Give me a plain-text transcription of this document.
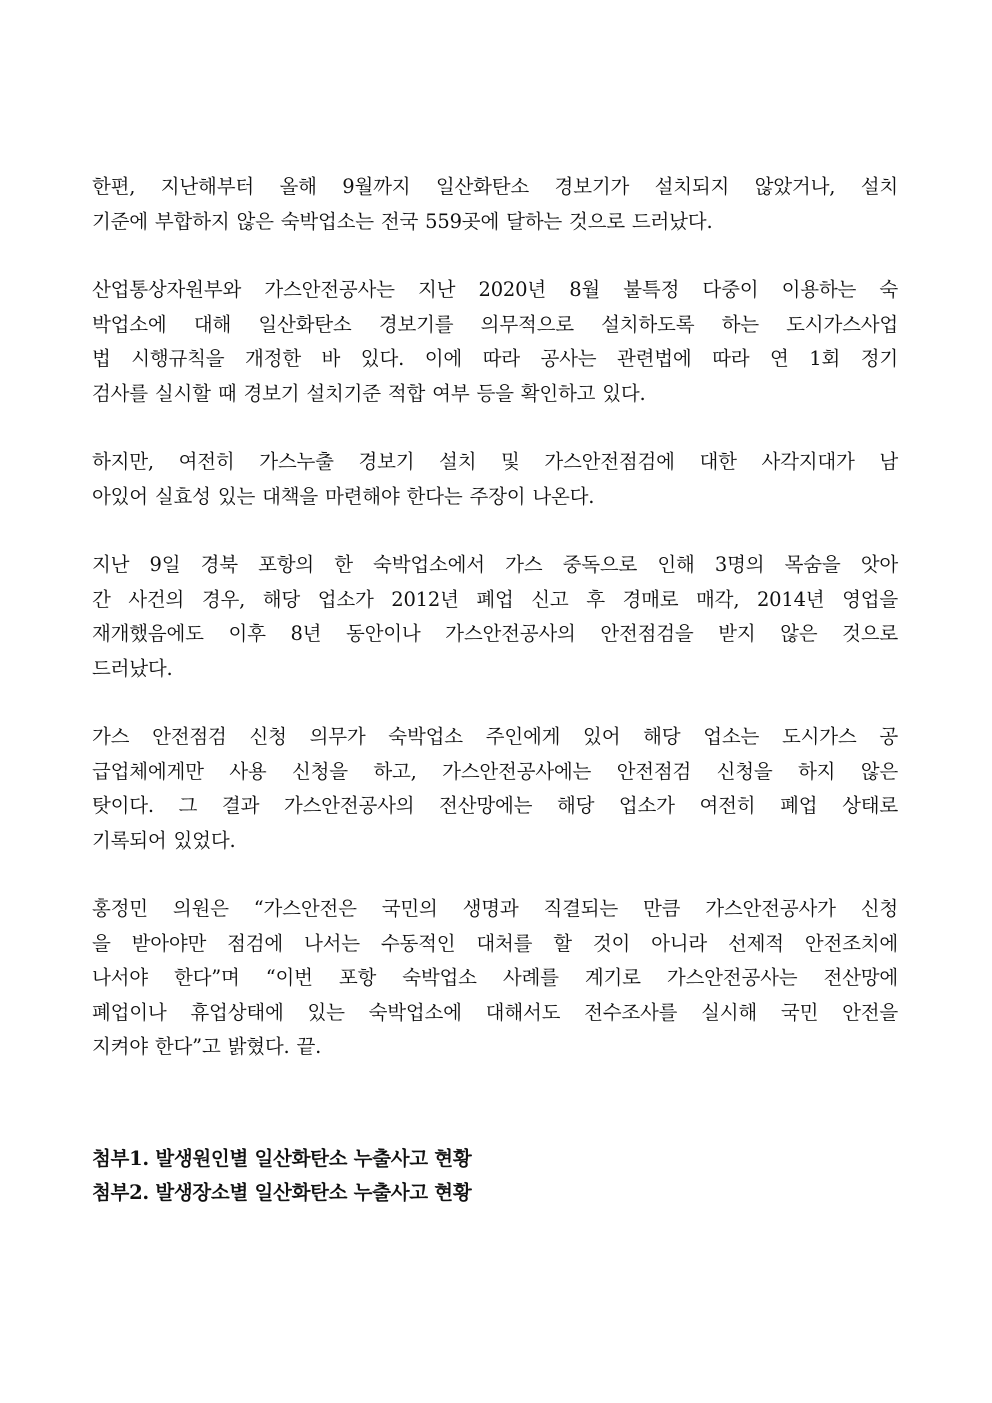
한편, 지난해부터 올해 9월까지 일산화탄소 경보기가 설치되지 않았거나, 설치
기준에 부합하지 않은 숙박업소는 전국 559곳에 달하는 것으로 드러났다.

산업통상자원부와 가스안전공사는 지난 2020년 8월 불특정 다중이 이용하는 숙
박업소에 대해 일산화탄소 경보기를 의무적으로 설치하도록 하는 도시가스사업
법 시행규칙을 개정한 바 있다. 이에 따라 공사는 관련법에 따라 연 1회 정기
검사를 실시할 때 경보기 설치기준 적합 여부 등을 확인하고 있다.

하지만, 여전히 가스누출 경보기 설치 및 가스안전점검에 대한 사각지대가 남
아있어 실효성 있는 대책을 마련해야 한다는 주장이 나온다.

지난 9일 경북 포항의 한 숙박업소에서 가스 중독으로 인해 3명의 목숨을 앗아
간 사건의 경우, 해당 업소가 2012년 폐업 신고 후 경매로 매각, 2014년 영업을
재개했음에도 이후 8년 동안이나 가스안전공사의 안전점검을 받지 않은 것으로
드러났다.

가스 안전점검 신청 의무가 숙박업소 주인에게 있어 해당 업소는 도시가스 공
급업체에게만 사용 신청을 하고, 가스안전공사에는 안전점검 신청을 하지 않은
탓이다. 그 결과 가스안전공사의 전산망에는 해당 업소가 여전히 폐업 상태로
기록되어 있었다.

홍정민 의원은 “가스안전은 국민의 생명과 직결되는 만큼 가스안전공사가 신청
을 받아야만 점검에 나서는 수동적인 대처를 할 것이 아니라 선제적 안전조치에
나서야 한다”며 “이번 포항 숙박업소 사례를 계기로 가스안전공사는 전산망에
폐업이나 휴업상태에 있는 숙박업소에 대해서도 전수조사를 실시해 국민 안전을
지켜야 한다”고 밝혔다. 끝.

첨부1. 발생원인별 일산화탄소 누출사고 현황

첨부2. 발생장소별 일산화탄소 누출사고 현황
